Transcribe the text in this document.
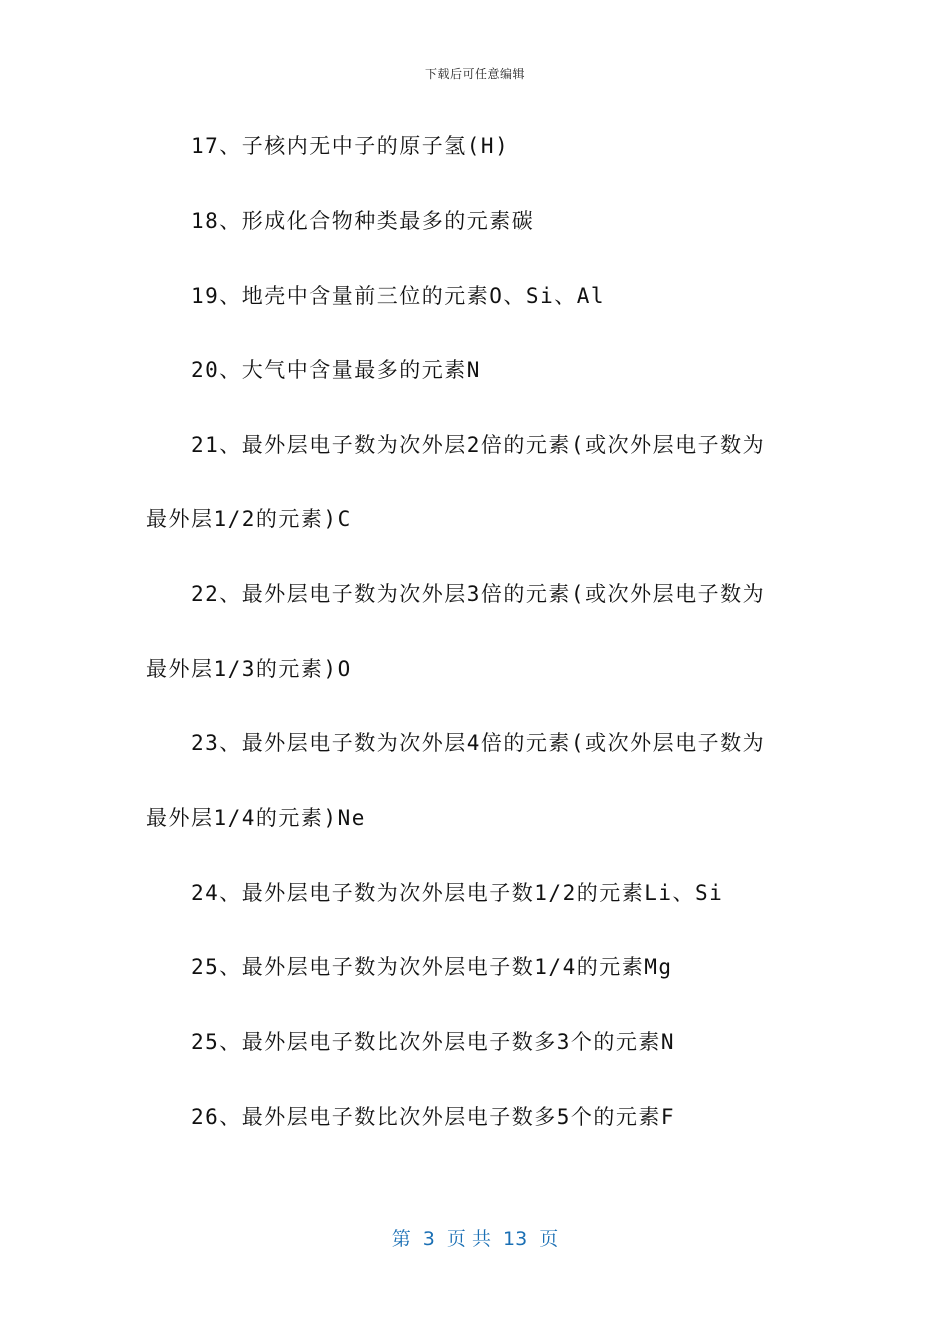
下载后可任意编辑
17、子核内无中子的原子氢(H)
18、形成化合物种类最多的元素碳
19、地壳中含量前三位的元素O、Si、Al
20、大气中含量最多的元素N
21、最外层电子数为次外层2倍的元素(或次外层电子数为
最外层1/2的元素)C
22、最外层电子数为次外层3倍的元素(或次外层电子数为
最外层1/3的元素)O
23、最外层电子数为次外层4倍的元素(或次外层电子数为
最外层1/4的元素)Ne
24、最外层电子数为次外层电子数1/2的元素Li、Si
25、最外层电子数为次外层电子数1/4的元素Mg
25、最外层电子数比次外层电子数多3个的元素N
26、最外层电子数比次外层电子数多5个的元素F
第  3  页 共  13  页
